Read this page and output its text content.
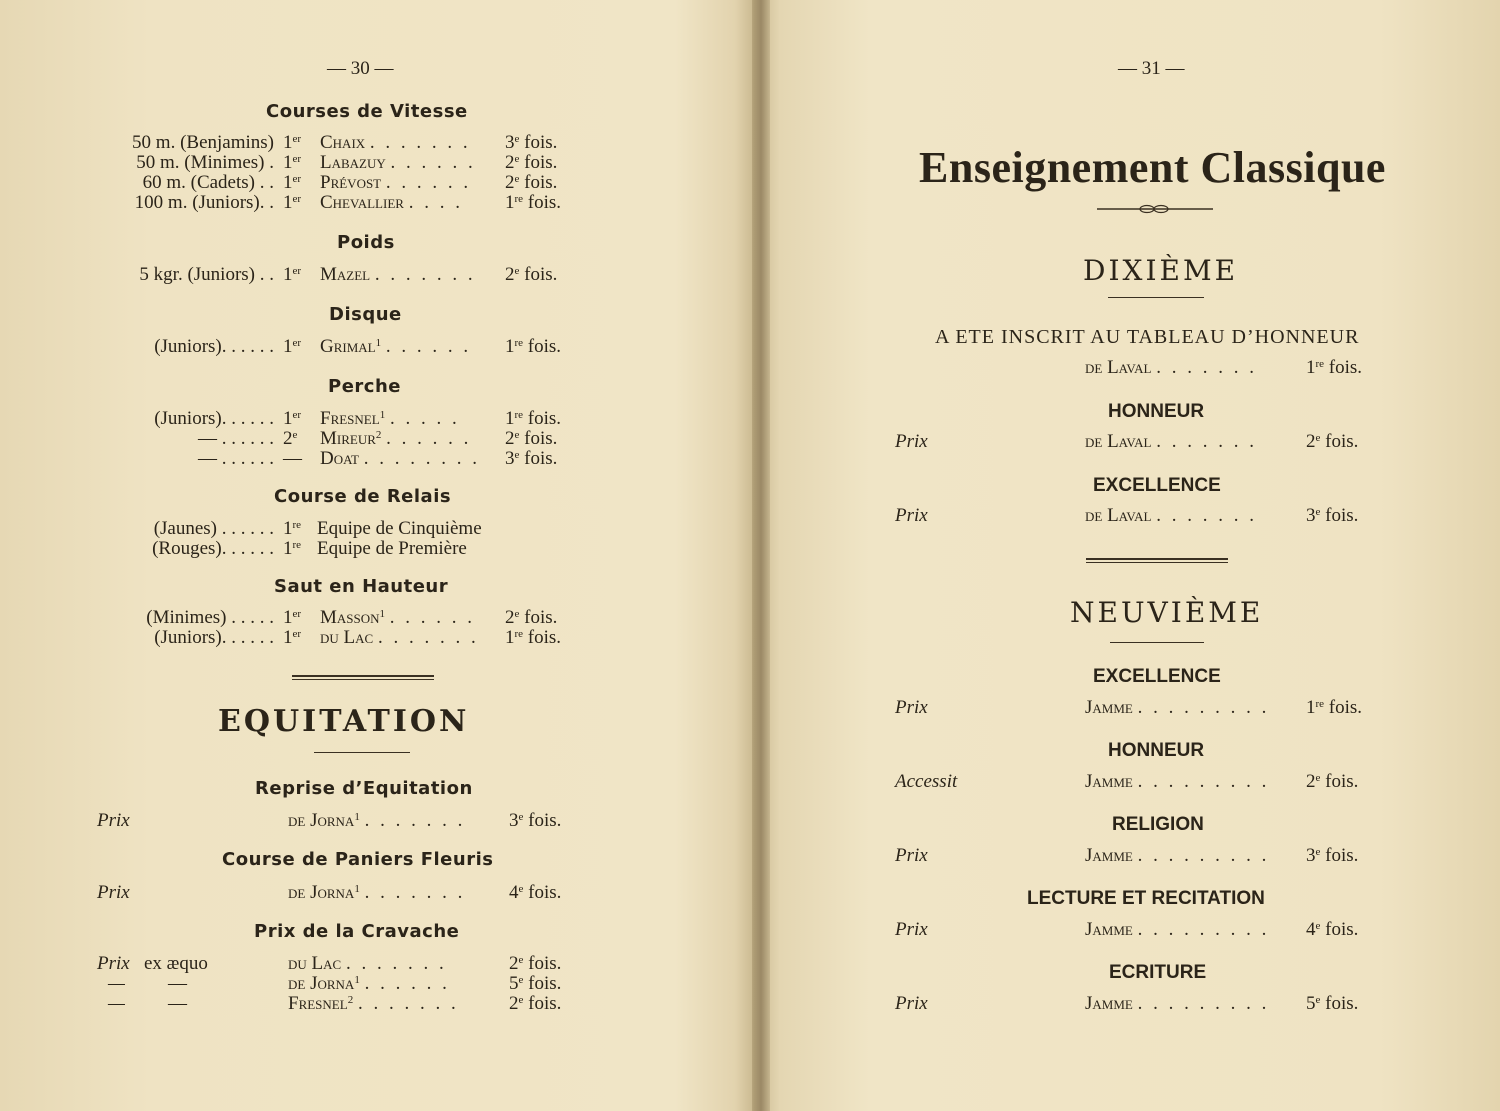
— 30 —
Courses de Vitesse
50 m. (Benjamins) 1er Chaix . . . . . . . 3e fois.
50 m. (Minimes) . 1er Labazuy . . . . . . 2e fois.
60 m. (Cadets) . . 1er Prévost . . . . . . 2e fois.
100 m. (Juniors). . 1er Chevallier . . . . 1re fois.
Poids
5 kgr. (Juniors) . . 1er Mazel . . . . . . . 2e fois.
Disque
(Juniors). . . . . . 1er Grimal$^1$ . . . . . . 1re fois.
Perche
(Juniors). . . . . . 1er Fresnel$^1$ . . . . . 1re fois.
— . . . . . . 2e Mireur$^2$ . . . . . . 2e fois.
— . . . . . . — Doat . . . . . . . . 3e fois.
Course de Relais
(Jaunes) . . . . . . 1re Equipe de Cinquième
(Rouges). . . . . . 1re Equipe de Première
Saut en Hauteur
(Minimes) . . . . . 1er Masson$^1$ . . . . . . 2e fois.
(Juniors). . . . . . 1er du Lac . . . . . . . 1re fois.
EQUITATION
Reprise d’Equitation
Prix	de Jorna$^1$ . . . . . . . 3e fois.
Course de Paniers Fleuris
Prix	de Jorna$^1$ . . . . . . . 4e fois.
Prix de la Cravache
Prix ex æquo	du Lac . . . . . . .	2e fois.
— —	de Jorna$^1$ . . . . . .	5e fois.
— —	Fresnel$^2$ . . . . . . .	2e fois.
— 31 —
Enseignement Classique
DIXIÈME
A ETE INSCRIT AU TABLEAU D’HONNEUR
de Laval . . . . . . .	1re fois.
HONNEUR
Prix	de Laval . . . . . . .	2e fois.
EXCELLENCE
Prix	de Laval . . . . . . .	3e fois.
NEUVIÈME
EXCELLENCE
Prix	Jamme . . . . . . . . . 1re fois.
HONNEUR
Accessit	Jamme . . . . . . . . . 2e fois.
RELIGION
Prix	Jamme . . . . . . . . . 3e fois.
LECTURE ET RECITATION
Prix	Jamme . . . . . . . . . 4e fois.
ECRITURE
Prix	Jamme . . . . . . . . . 5e fois.
